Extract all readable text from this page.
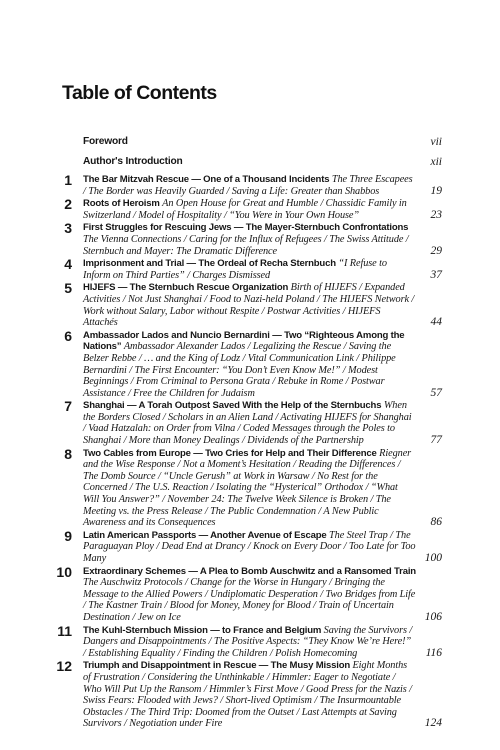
Table of Contents
Foreword	vii
Author's Introduction	xii
1 The Bar Mitzvah Rescue — One of a Thousand Incidents The Three Escapees / The Border was Heavily Guarded / Saving a Life: Greater than Shabbos	19
2 Roots of Heroism An Open House for Great and Humble / Chassidic Family in Switzerland / Model of Hospitality / “You Were in Your Own House”	23
3 First Struggles for Rescuing Jews — The Mayer-Sternbuch Confrontations The Vienna Connections / Caring for the Influx of Refugees / The Swiss Attitude / Sternbuch and Mayer: The Dramatic Difference	29
4 Imprisonment and Trial — The Ordeal of Recha Sternbuch “I Refuse to Inform on Third Parties” / Charges Dismissed	37
5 HIJEFS — The Sternbuch Rescue Organization Birth of HIJEFS / Expanded Activities / Not Just Shanghai / Food to Nazi-held Poland / The HIJEFS Network / Work without Salary, Labor without Respite / Postwar Activities / HIJEFS Attachés	44
6 Ambassador Lados and Nuncio Bernardini — Two “Righteous Among the Nations” Ambassador Alexander Lados / Legalizing the Rescue / Saving the Belzer Rebbe / … and the King of Lodz / Vital Communication Link / Philippe Bernardini / The First Encounter: “You Don’t Even Know Me!” / Modest Beginnings / From Criminal to Persona Grata / Rebuke in Rome / Postwar Assistance / Free the Children for Judaism	57
7 Shanghai — A Torah Outpost Saved With the Help of the Sternbuchs When the Borders Closed / Scholars in an Alien Land / Activating HIJEFS for Shanghai / Vaad Hatzalah: on Order from Vilna / Coded Messages through the Poles to Shanghai / More than Money Dealings / Dividends of the Partnership	77
8 Two Cables from Europe — Two Cries for Help and Their Difference Riegner and the Wise Response / Not a Moment’s Hesitation / Reading the Differences / The Domb Source / “Uncle Gerush” at Work in Warsaw / No Rest for the Concerned / The U.S. Reaction / Isolating the “Hysterical” Orthodox / “What Will You Answer?” / November 24: The Twelve Week Silence is Broken / The Meeting vs. the Press Release / The Public Condemnation / A New Public Awareness and its Consequences	86
9 Latin American Passports — Another Avenue of Escape The Steel Trap / The Paraguayan Ploy / Dead End at Drancy / Knock on Every Door / Too Late for Too Many	100
10 Extraordinary Schemes — A Plea to Bomb Auschwitz and a Ransomed Train The Auschwitz Protocols / Change for the Worse in Hungary / Bringing the Message to the Allied Powers / Undiplomatic Desperation / Two Bridges from Life / The Kastner Train / Blood for Money, Money for Blood / Train of Uncertain Destination / Jew on Ice	106
11 The Kuhl-Sternbuch Mission — to France and Belgium Saving the Survivors / Dangers and Disappointments / The Positive Aspects: “They Know We’re Here!” / Establishing Equality / Finding the Children / Polish Homecoming	116
12 Triumph and Disappointment in Rescue — The Musy Mission Eight Months of Frustration / Considering the Unthinkable / Himmler: Eager to Negotiate / Who Will Put Up the Ransom / Himmler’s First Move / Good Press for the Nazis / Swiss Fears: Flooded with Jews? / Short-lived Optimism / The Insurmountable Obstacles / The Third Trip: Doomed from the Outset / Last Attempts at Saving Survivors / Negotiation under Fire	124
